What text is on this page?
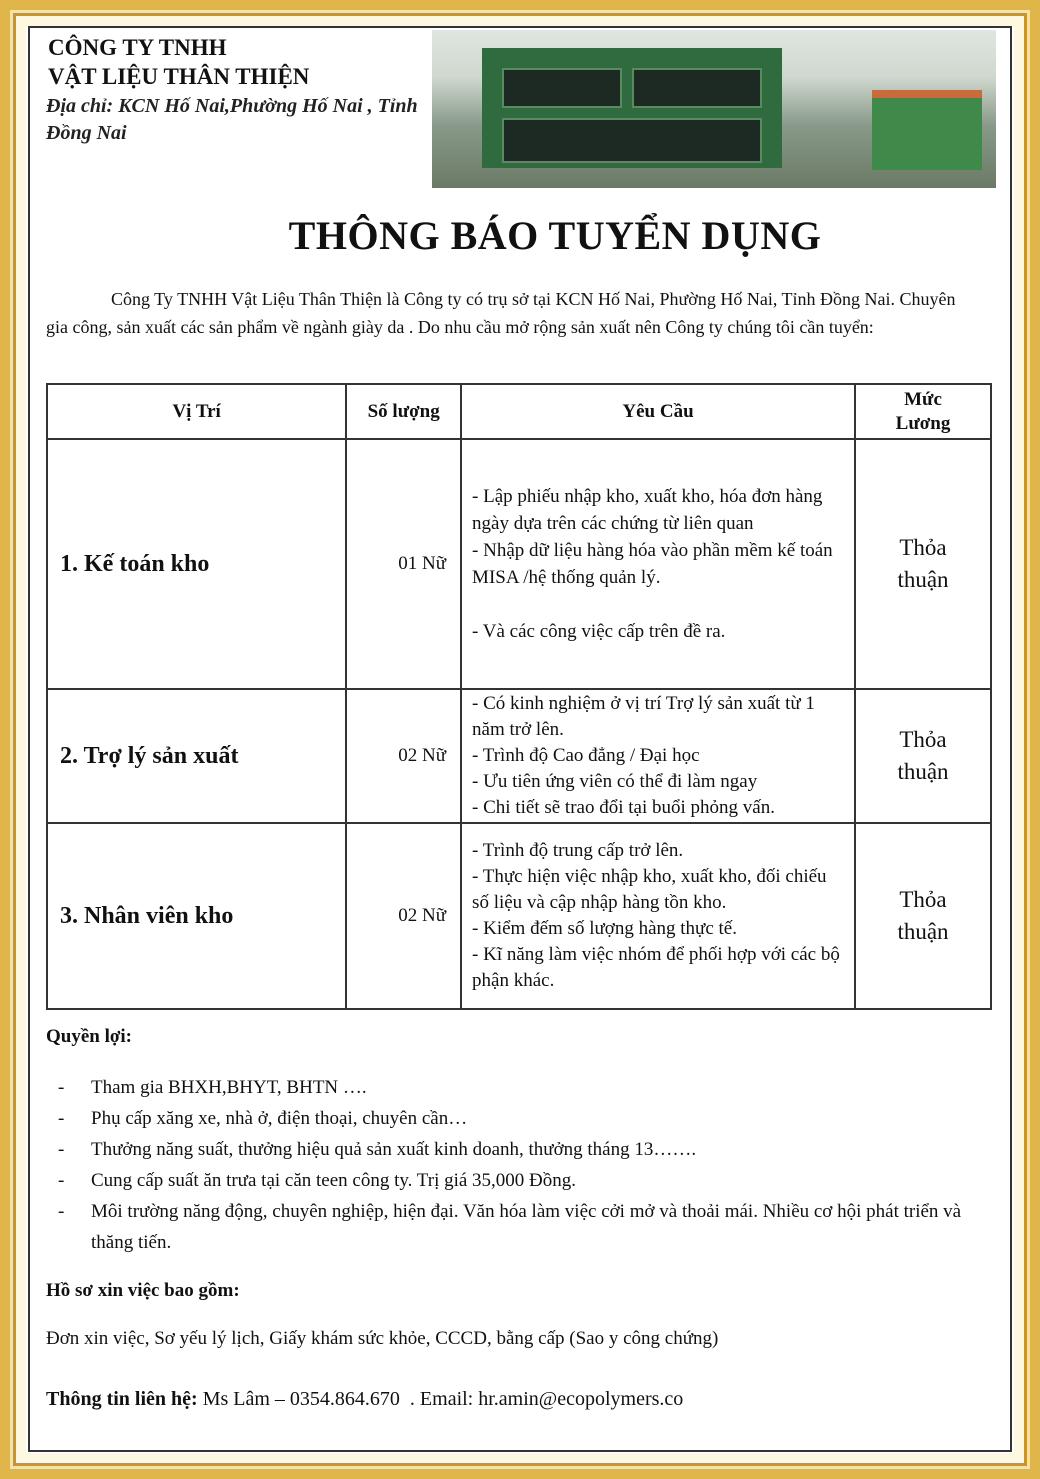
CÔNG TY TNHH
VẬT LIỆU THÂN THIỆN
Địa chỉ: KCN Hố Nai,Phường Hố Nai , Tỉnh Đồng Nai
THÔNG BÁO TUYỂN DỤNG
Công Ty TNHH Vật Liệu Thân Thiện là Công ty có trụ sở tại KCN Hố Nai, Phường Hố Nai, Tỉnh Đồng Nai. Chuyên gia công, sản xuất các sản phẩm về ngành giày da . Do nhu cầu mở rộng sản xuất nên Công ty chúng tôi cần tuyển:
Vị Trí	Số lượng	Yêu Cầu	Mức Lương
1. Kế toán kho	01 Nữ	- Lập phiếu nhập kho, xuất kho, hóa đơn hàng ngày dựa trên các chứng từ liên quan
- Nhập dữ liệu hàng hóa vào phần mềm kế toán MISA /hệ thống quản lý.

- Và các công việc cấp trên đề ra.	Thỏa thuận
2. Trợ lý sản xuất	02 Nữ	- Có kinh nghiệm ở vị trí Trợ lý sản xuất từ 1 năm trở lên.
- Trình độ Cao đẳng / Đại học
- Ưu tiên ứng viên có thể đi làm ngay
- Chi tiết sẽ trao đổi tại buổi phỏng vấn.	Thỏa thuận
3. Nhân viên kho	02 Nữ	- Trình độ trung cấp trở lên.
- Thực hiện việc nhập kho, xuất kho, đối chiếu số liệu và cập nhập hàng tồn kho.
- Kiểm đếm số lượng hàng thực tế.
- Kĩ năng làm việc nhóm để phối hợp với các bộ phận khác.	Thỏa thuận
Quyền lợi:
- Tham gia BHXH,BHYT, BHTN ….
- Phụ cấp xăng xe, nhà ở, điện thoại, chuyên cần…
- Thưởng năng suất, thưởng hiệu quả sản xuất kinh doanh, thưởng tháng 13…….
- Cung cấp suất ăn trưa tại căn teen công ty. Trị giá 35,000 Đồng.
- Môi trường năng động, chuyên nghiệp, hiện đại. Văn hóa làm việc cởi mở và thoải mái. Nhiều cơ hội phát triển và thăng tiến.
Hồ sơ xin việc bao gồm:
Đơn xin việc, Sơ yếu lý lịch, Giấy khám sức khỏe, CCCD, bằng cấp (Sao y công chứng)
Thông tin liên hệ: Ms Lâm – 0354.864.670  . Email: hr.amin@ecopolymers.co
